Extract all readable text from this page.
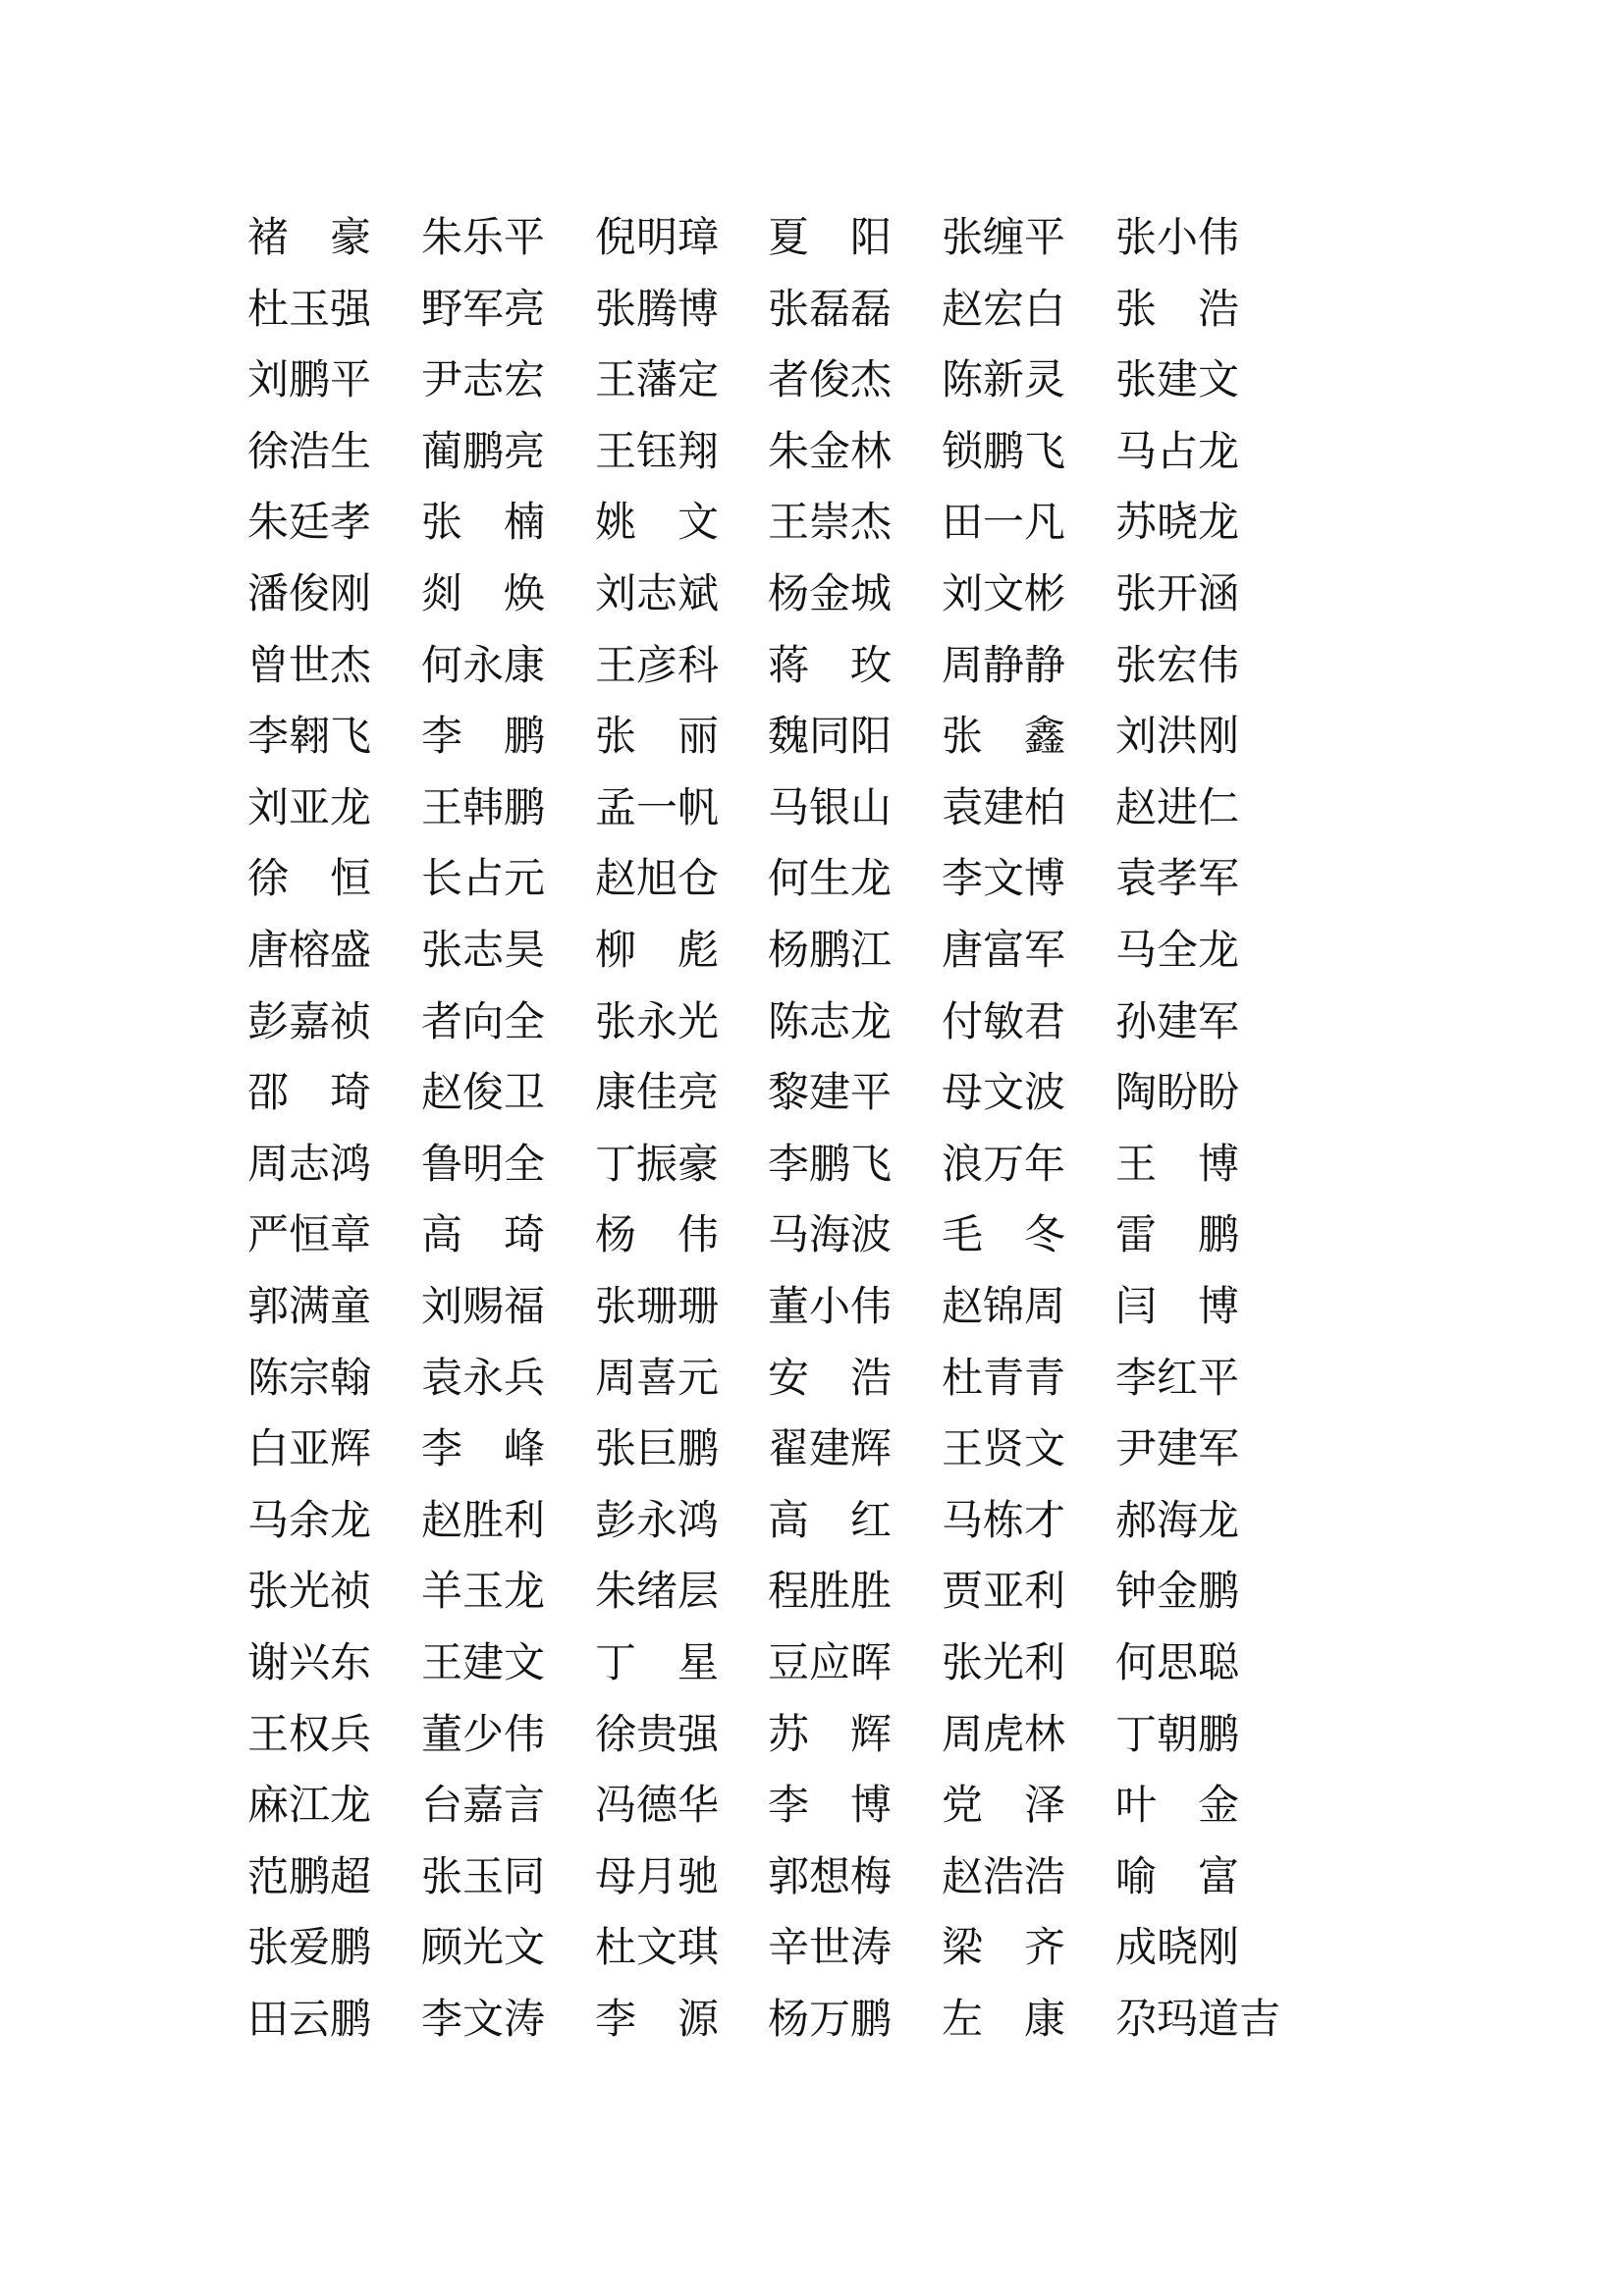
褚　豪 朱乐平 倪明璋 夏　阳 张缠平 张小伟
杜玉强 野军亮 张腾博 张磊磊 赵宏白 张　浩
刘鹏平 尹志宏 王藩定 者俊杰 陈新灵 张建文
徐浩生 蔺鹏亮 王钰翔 朱金林 锁鹏飞 马占龙
朱廷孝 张　楠 姚　文 王崇杰 田一凡 苏晓龙
潘俊刚 剡　焕 刘志斌 杨金城 刘文彬 张开涵
曾世杰 何永康 王彦科 蒋　玫 周静静 张宏伟
李翱飞 李　鹏 张　丽 魏同阳 张　鑫 刘洪刚
刘亚龙 王韩鹏 孟一帆 马银山 袁建柏 赵进仁
徐　恒 长占元 赵旭仓 何生龙 李文博 袁孝军
唐榕盛 张志昊 柳　彪 杨鹏江 唐富军 马全龙
彭嘉祯 者向全 张永光 陈志龙 付敏君 孙建军
邵　琦 赵俊卫 康佳亮 黎建平 母文波 陶盼盼
周志鸿 鲁明全 丁振豪 李鹏飞 浪万年 王　博
严恒章 高　琦 杨　伟 马海波 毛　冬 雷　鹏
郭满童 刘赐福 张珊珊 董小伟 赵锦周 闫　博
陈宗翰 袁永兵 周喜元 安　浩 杜青青 李红平
白亚辉 李　峰 张巨鹏 翟建辉 王贤文 尹建军
马余龙 赵胜利 彭永鸿 高　红 马栋才 郝海龙
张光祯 羊玉龙 朱绪层 程胜胜 贾亚利 钟金鹏
谢兴东 王建文 丁　星 豆应晖 张光利 何思聪
王权兵 董少伟 徐贵强 苏　辉 周虎林 丁朝鹏
麻江龙 台嘉言 冯德华 李　博 党　泽 叶　金
范鹏超 张玉同 母月驰 郭想梅 赵浩浩 喻　富
张爱鹏 顾光文 杜文琪 辛世涛 梁　齐 成晓刚
田云鹏 李文涛 李　源 杨万鹏 左　康 尕玛道吉
